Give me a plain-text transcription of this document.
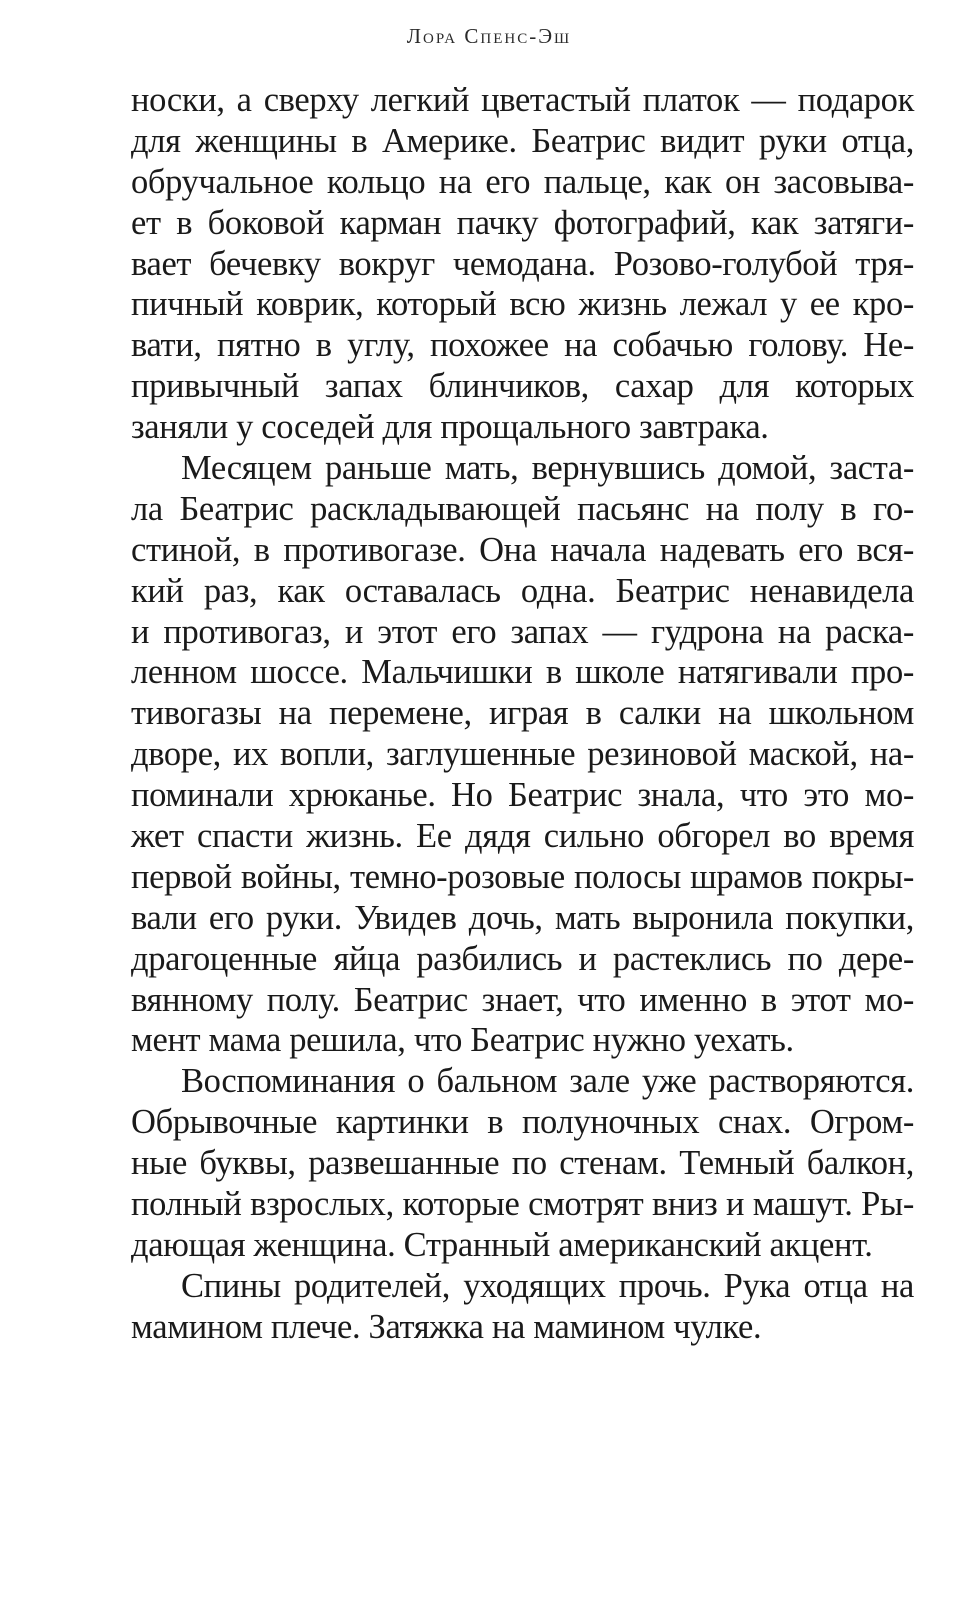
Лора Спенс-Эш
носки, а сверху легкий цветастый платок — подарок
для женщины в Америке. Беатрис видит руки отца,
обручальное кольцо на его пальце, как он засовыва-
ет в боковой карман пачку фотографий, как затяги-
вает бечевку вокруг чемодана. Розово-голубой тря-
пичный коврик, который всю жизнь лежал у ее кро-
вати, пятно в углу, похожее на собачью голову. Не-
привычный запах блинчиков, сахар для которых
заняли у соседей для прощального завтрака.
Месяцем раньше мать, вернувшись домой, заста-
ла Беатрис раскладывающей пасьянс на полу в го-
стиной, в противогазе. Она начала надевать его вся-
кий раз, как оставалась одна. Беатрис ненавидела
и противогаз, и этот его запах — гудрона на раска-
ленном шоссе. Мальчишки в школе натягивали про-
тивогазы на перемене, играя в салки на школьном
дворе, их вопли, заглушенные резиновой маской, на-
поминали хрюканье. Но Беатрис знала, что это мо-
жет спасти жизнь. Ее дядя сильно обгорел во время
первой войны, темно-розовые полосы шрамов покры-
вали его руки. Увидев дочь, мать выронила покупки,
драгоценные яйца разбились и растеклись по дере-
вянному полу. Беатрис знает, что именно в этот мо-
мент мама решила, что Беатрис нужно уехать.
Воспоминания о бальном зале уже растворяются.
Обрывочные картинки в полуночных снах. Огром-
ные буквы, развешанные по стенам. Темный балкон,
полный взрослых, которые смотрят вниз и машут. Ры-
дающая женщина. Странный американский акцент.
Спины родителей, уходящих прочь. Рука отца на
мамином плече. Затяжка на мамином чулке.
